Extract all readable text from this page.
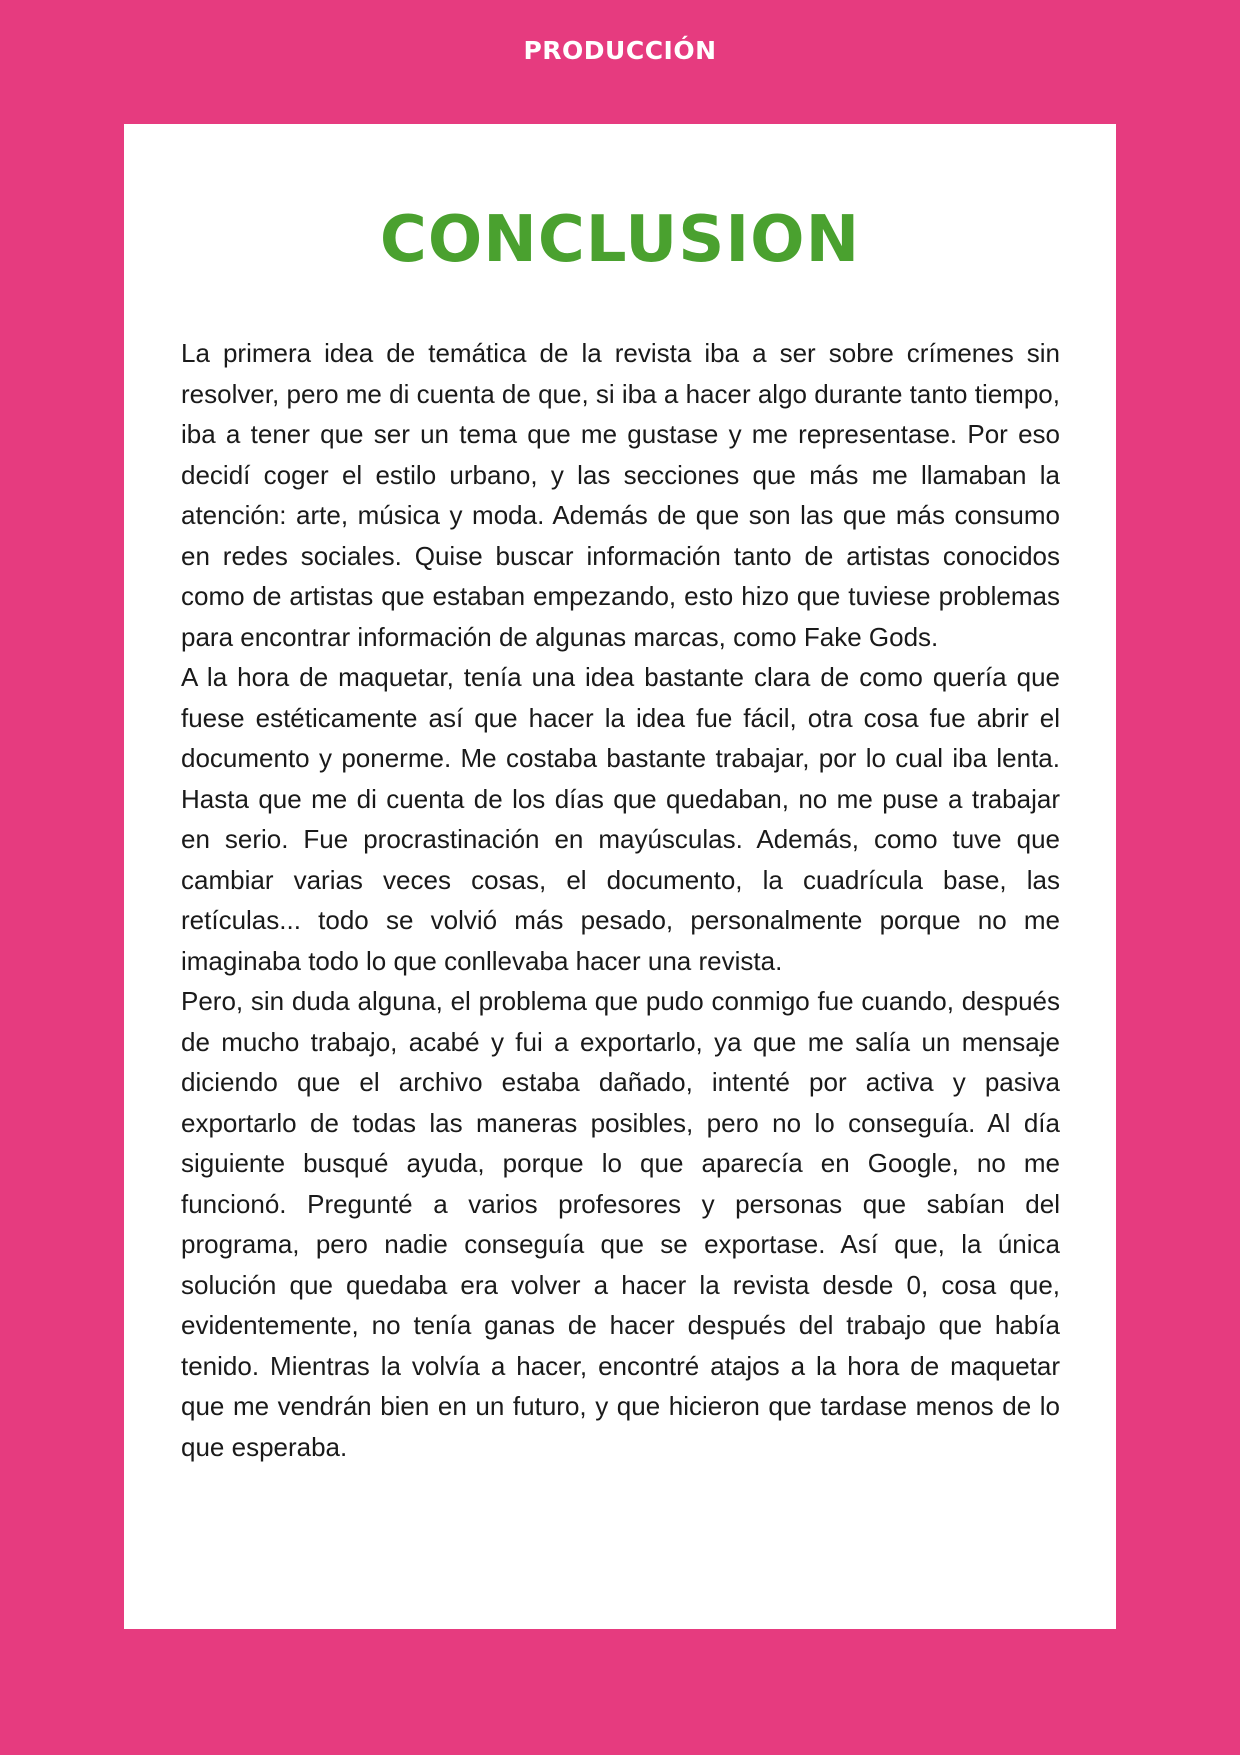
PRODUCCIÓN
CONCLUSION

La primera idea de temática de la revista iba a ser sobre crímenes sin resolver, pero me di cuenta de que, si iba a hacer algo durante tanto tiempo, iba a tener que ser un tema que me gustase y me representase. Por eso decidí coger el estilo urbano, y las secciones que más me llamaban la atención: arte, música y moda. Además de que son las que más consumo en redes sociales. Quise buscar información tanto de artistas conocidos como de artistas que estaban empezando, esto hizo que tuviese problemas para encontrar información de algunas marcas, como Fake Gods.

A la hora de maquetar, tenía una idea bastante clara de como quería que fuese estéticamente así que hacer la idea fue fácil, otra cosa fue abrir el documento y ponerme. Me costaba bastante trabajar, por lo cual iba lenta. Hasta que me di cuenta de los días que quedaban, no me puse a trabajar en serio. Fue procrastinación en mayúsculas. Además, como tuve que cambiar varias veces cosas, el documento, la cuadrícula base, las retículas... todo se volvió más pesado, personalmente porque no me imaginaba todo lo que conllevaba hacer una revista.

Pero, sin duda alguna, el problema que pudo conmigo fue cuando, después de mucho trabajo, acabé y fui a exportarlo, ya que me salía un mensaje diciendo que el archivo estaba dañado, intenté por activa y pasiva exportarlo de todas las maneras posibles, pero no lo conseguía. Al día siguiente busqué ayuda, porque lo que aparecía en Google, no me funcionó. Pregunté a varios profesores y personas que sabían del programa, pero nadie conseguía que se exportase. Así que, la única solución que quedaba era volver a hacer la revista desde 0, cosa que, evidentemente, no tenía ganas de hacer después del trabajo que había tenido. Mientras la volvía a hacer, encontré atajos a la hora de maquetar que me vendrán bien en un futuro, y que hicieron que tardase menos de lo que esperaba.
